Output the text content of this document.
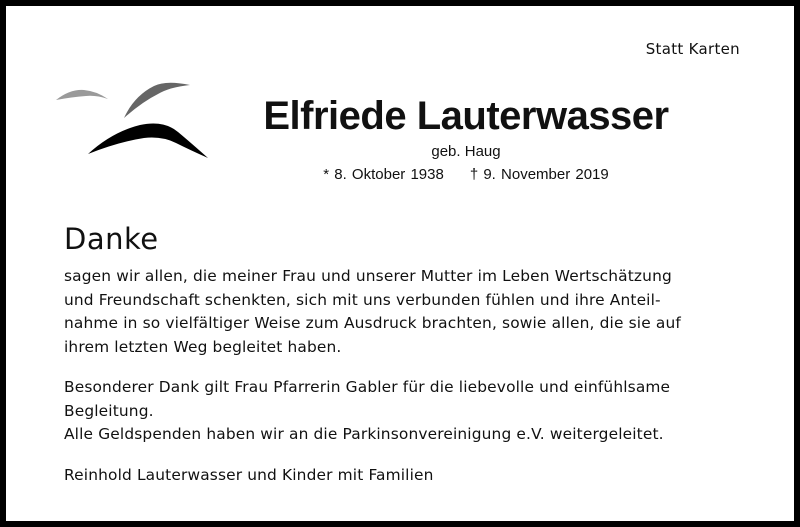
Statt Karten
Elfriede Lauterwasser
geb. Haug
* 8. Oktober 1938 † 9. November 2019
Danke
sagen wir allen, die meiner Frau und unserer Mutter im Leben Wertschätzung
und Freundschaft schenkten, sich mit uns verbunden fühlen und ihre Anteil-
nahme in so vielfältiger Weise zum Ausdruck brachten, sowie allen, die sie auf
ihrem letzten Weg begleitet haben.
Besonderer Dank gilt Frau Pfarrerin Gabler für die liebevolle und einfühlsame
Begleitung.
Alle Geldspenden haben wir an die Parkinsonvereinigung e.V. weitergeleitet.
Reinhold Lauterwasser und Kinder mit Familien
